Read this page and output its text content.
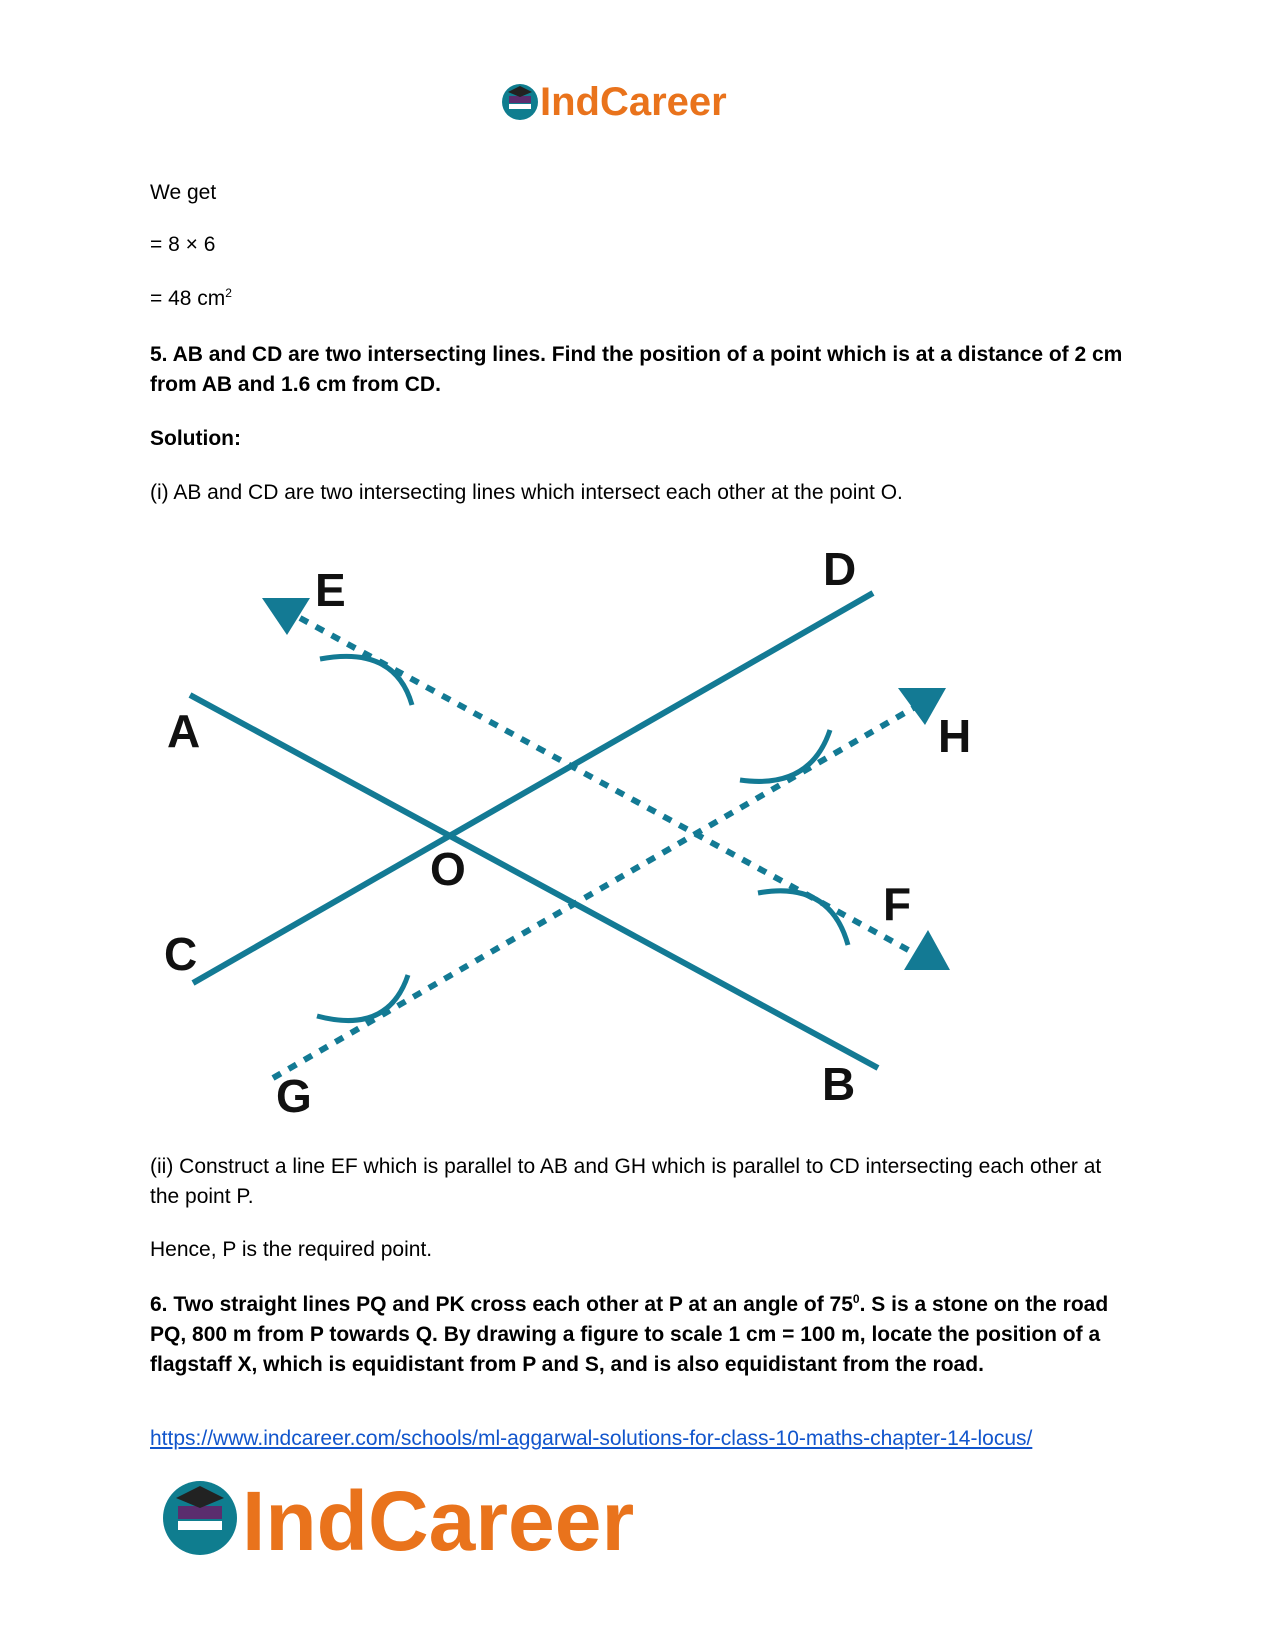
IndCareer
We get
= 8 × 6
= 48 $cm^2$
5. AB and CD are two intersecting lines. Find the position of a point which is at a distance of 2 cm from AB and 1.6 cm from CD.
Solution:
(i) AB and CD are two intersecting lines which intersect each other at the point O.
A
B
C
D
E
F
G
H
O
(ii) Construct a line EF which is parallel to AB and GH which is parallel to CD intersecting each other at the point P.
Hence, P is the required point.
6. Two straight lines PQ and PK cross each other at P at an angle of $75^0$. S is a stone on the road PQ, 800 m from P towards Q. By drawing a figure to scale 1 cm = 100 m, locate the position of a flagstaff X, which is equidistant from P and S, and is also equidistant from the road.
https://www.indcareer.com/schools/ml-aggarwal-solutions-for-class-10-maths-chapter-14-locus/
IndCareer
